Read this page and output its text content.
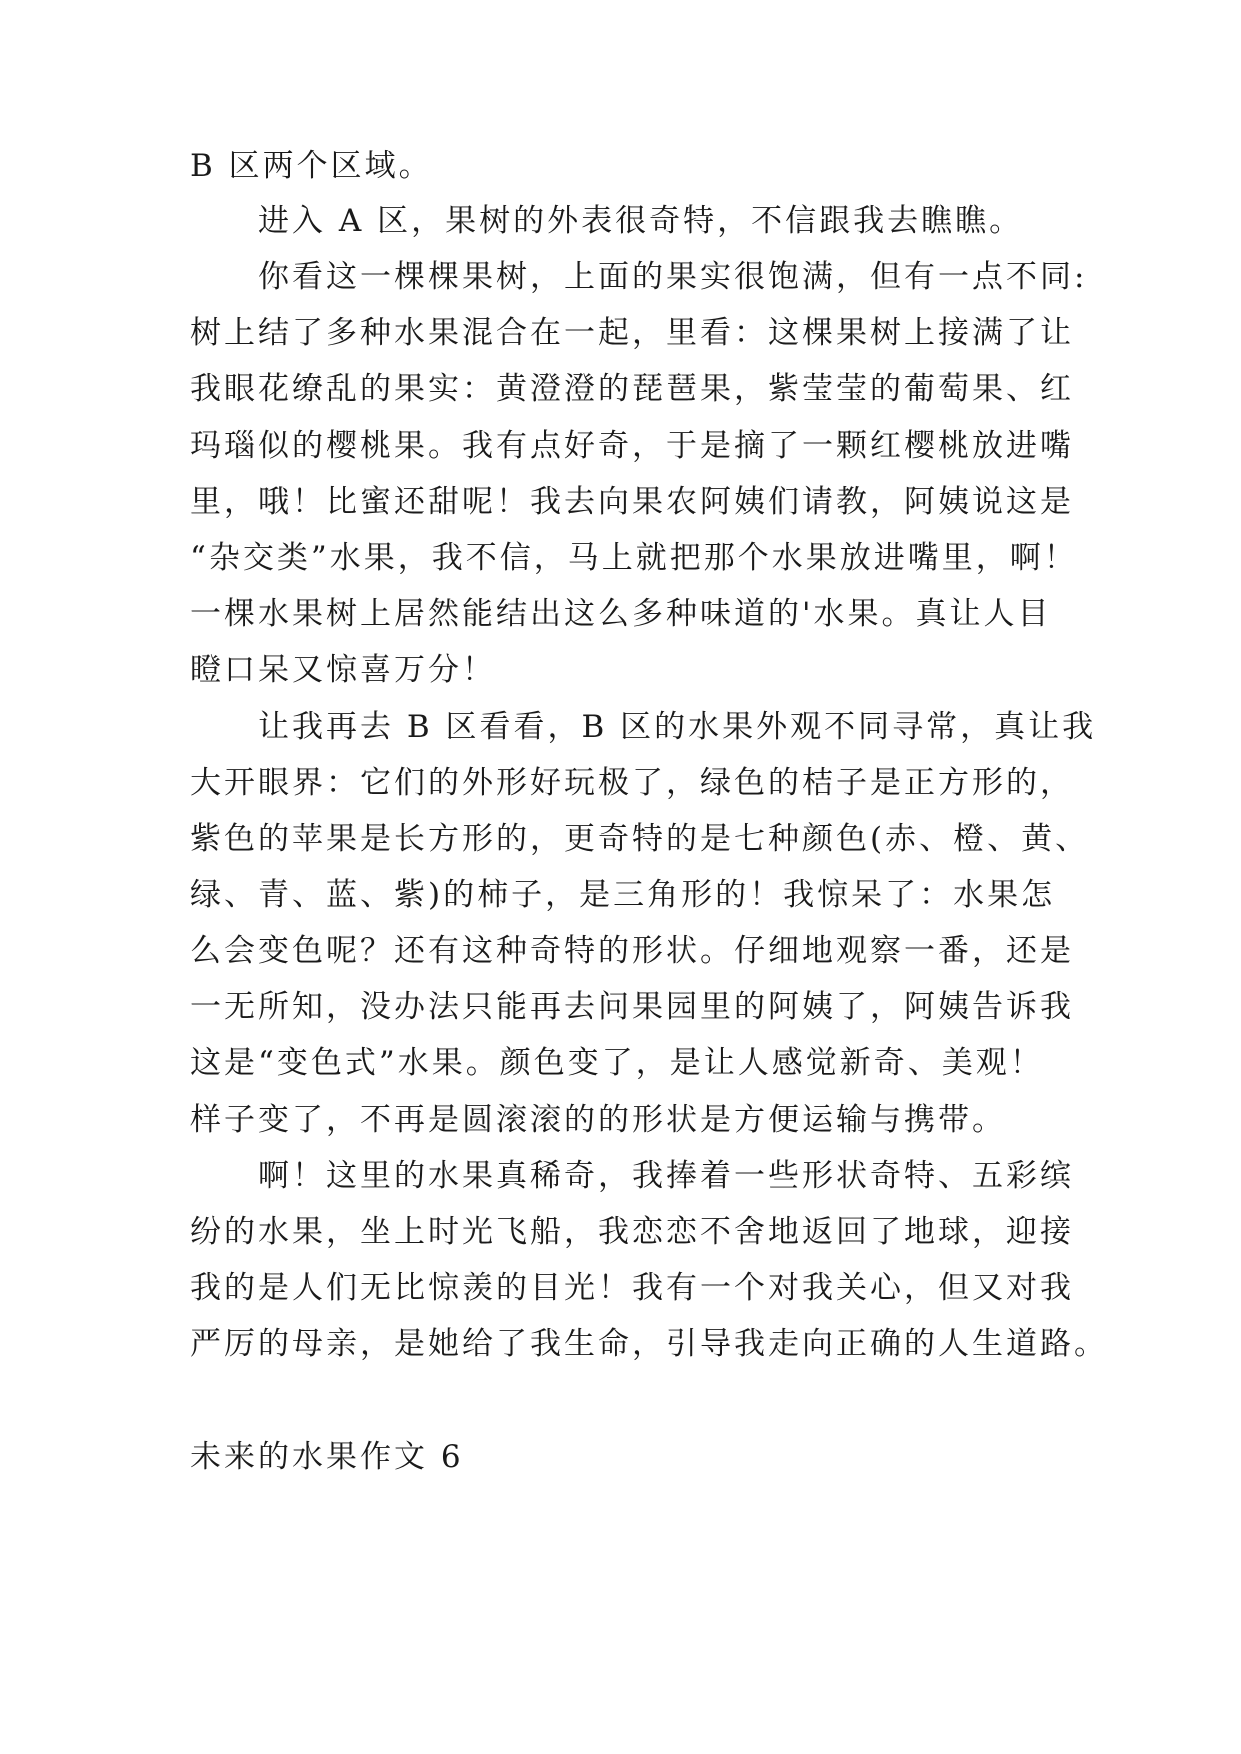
B 区两个区域。
进入 A 区，果树的外表很奇特，不信跟我去瞧瞧。
你看这一棵棵果树，上面的果实很饱满，但有一点不同:
树上结了多种水果混合在一起，里看：这棵果树上接满了让
我眼花缭乱的果实：黄澄澄的琵琶果，紫莹莹的葡萄果、红
玛瑙似的樱桃果。我有点好奇，于是摘了一颗红樱桃放进嘴
里，哦！比蜜还甜呢！我去向果农阿姨们请教，阿姨说这是
“杂交类”水果，我不信，马上就把那个水果放进嘴里，啊！
一棵水果树上居然能结出这么多种味道的'水果。真让人目
瞪口呆又惊喜万分！
让我再去 B 区看看，B 区的水果外观不同寻常，真让我
大开眼界：它们的外形好玩极了，绿色的桔子是正方形的，
紫色的苹果是长方形的，更奇特的是七种颜色(赤、橙、黄、
绿、青、蓝、紫)的柿子，是三角形的！我惊呆了：水果怎
么会变色呢？还有这种奇特的形状。仔细地观察一番，还是
一无所知，没办法只能再去问果园里的阿姨了，阿姨告诉我
这是“变色式”水果。颜色变了，是让人感觉新奇、美观！
样子变了，不再是圆滚滚的的形状是方便运输与携带。
啊！这里的水果真稀奇，我捧着一些形状奇特、五彩缤
纷的水果，坐上时光飞船，我恋恋不舍地返回了地球，迎接
我的是人们无比惊羡的目光！我有一个对我关心，但又对我
严厉的母亲，是她给了我生命，引导我走向正确的人生道路。
未来的水果作文 6
